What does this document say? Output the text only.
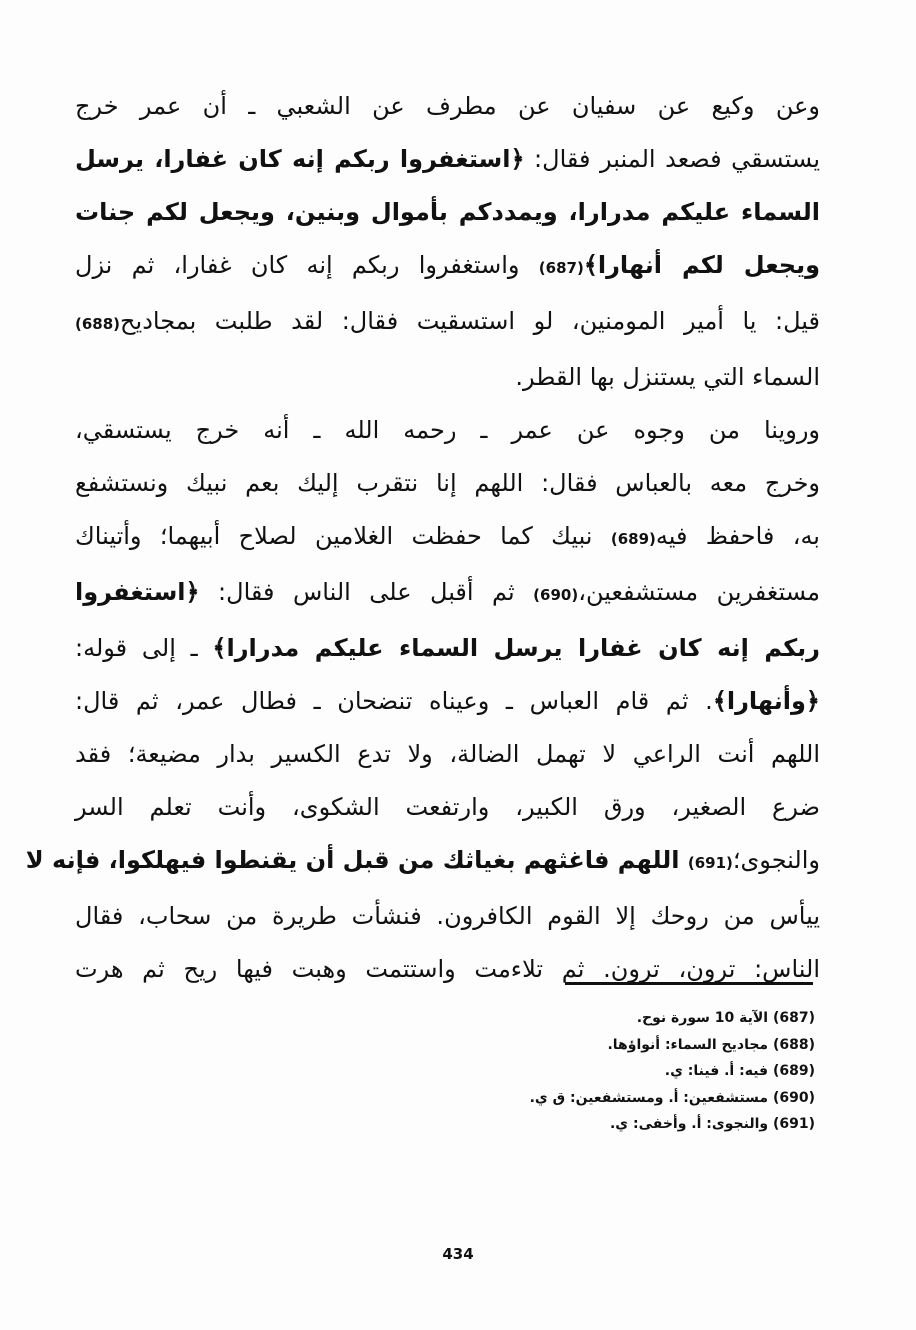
وعن وكيع عن سفيان عن مطرف عن الشعبي ـ أن عمر خرج
يستسقي فصعد المنبر فقال: ﴿استغفروا ربكم إنه كان غفارا، يرسل
السماء عليكم مدرارا، ويمددكم بأموال وبنين، ويجعل لكم جنات
ويجعل لكم أنهارا﴾(687) واستغفروا ربكم إنه كان غفارا، ثم نزل
قيل: يا أمير المومنين، لو استسقيت فقال: لقد طلبت بمجاديح(688)
السماء التي يستنزل بها القطر.

وروينا من وجوه عن عمر ـ رحمه الله ـ أنه خرج يستسقي،
وخرج معه بالعباس فقال: اللهم إنا نتقرب إليك بعم نبيك ونستشفع
به، فاحفظ فيه(689) نبيك كما حفظت الغلامين لصلاح أبيهما؛ وأتيناك
مستغفرين مستشفعين،(690) ثم أقبل على الناس فقال: ﴿استغفروا
ربكم إنه كان غفارا يرسل السماء عليكم مدرارا﴾ ـ إلى قوله:
﴿وأنهارا﴾. ثم قام العباس ـ وعيناه تنضحان ـ فطال عمر، ثم قال:
اللهم أنت الراعي لا تهمل الضالة، ولا تدع الكسير بدار مضيعة؛ فقد
ضرع الصغير، ورق الكبير، وارتفعت الشكوى، وأنت تعلم السر
والنجوى؛(691) اللهم فاغثهم بغياثك من قبل أن يقنطوا فيهلكوا، فإنه لا
ييأس من روحك إلا القوم الكافرون. فنشأت طريرة من سحاب، فقال
الناس: ترون، ترون. ثم تلاءمت واستتمت وهبت فيها ريح ثم هرت

(687) الآية 10 سورة نوح.
(688) مجاديح السماء: أنواؤها.
(689) فيه: أ. فينا: ي.
(690) مستشفعين: أ. ومستشفعين: ق ي.
(691) والنجوى: أ. وأخفى: ي.
434
